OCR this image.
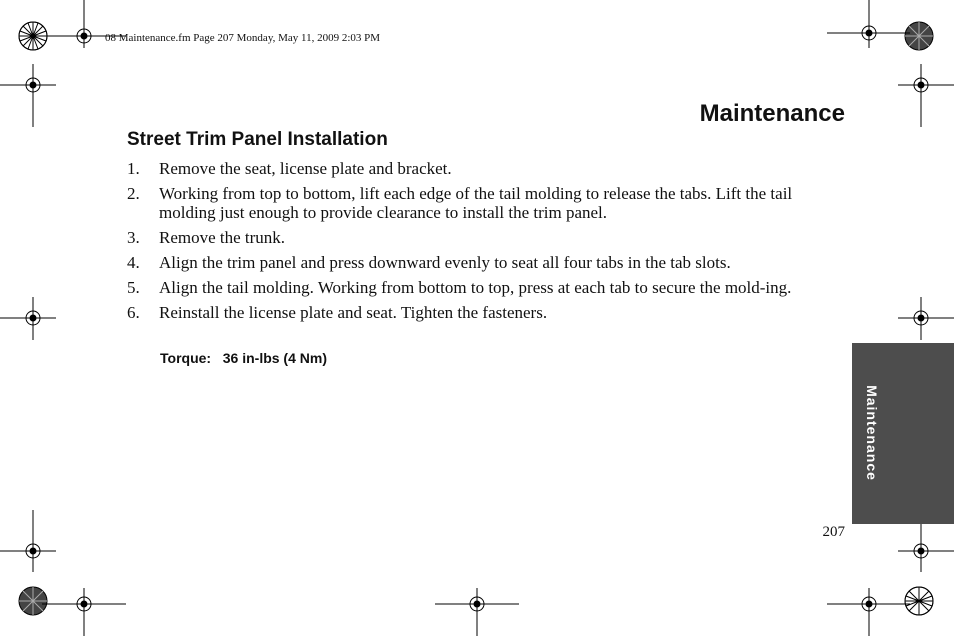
08 Maintenance.fm Page 207 Monday, May 11, 2009 2:03 PM
Maintenance
Street Trim Panel Installation
1. Remove the seat, license plate and bracket.
2. Working from top to bottom, lift each edge of the tail molding to release the tabs. Lift the tail molding just enough to provide clearance to install the trim panel.
3. Remove the trunk.
4. Align the trim panel and press downward evenly to seat all four tabs in the tab slots.
5. Align the tail molding. Working from bottom to top, press at each tab to secure the mold-ing.
6. Reinstall the license plate and seat. Tighten the fasteners.
Torque: 36 in-lbs (4 Nm)
Maintenance
207
